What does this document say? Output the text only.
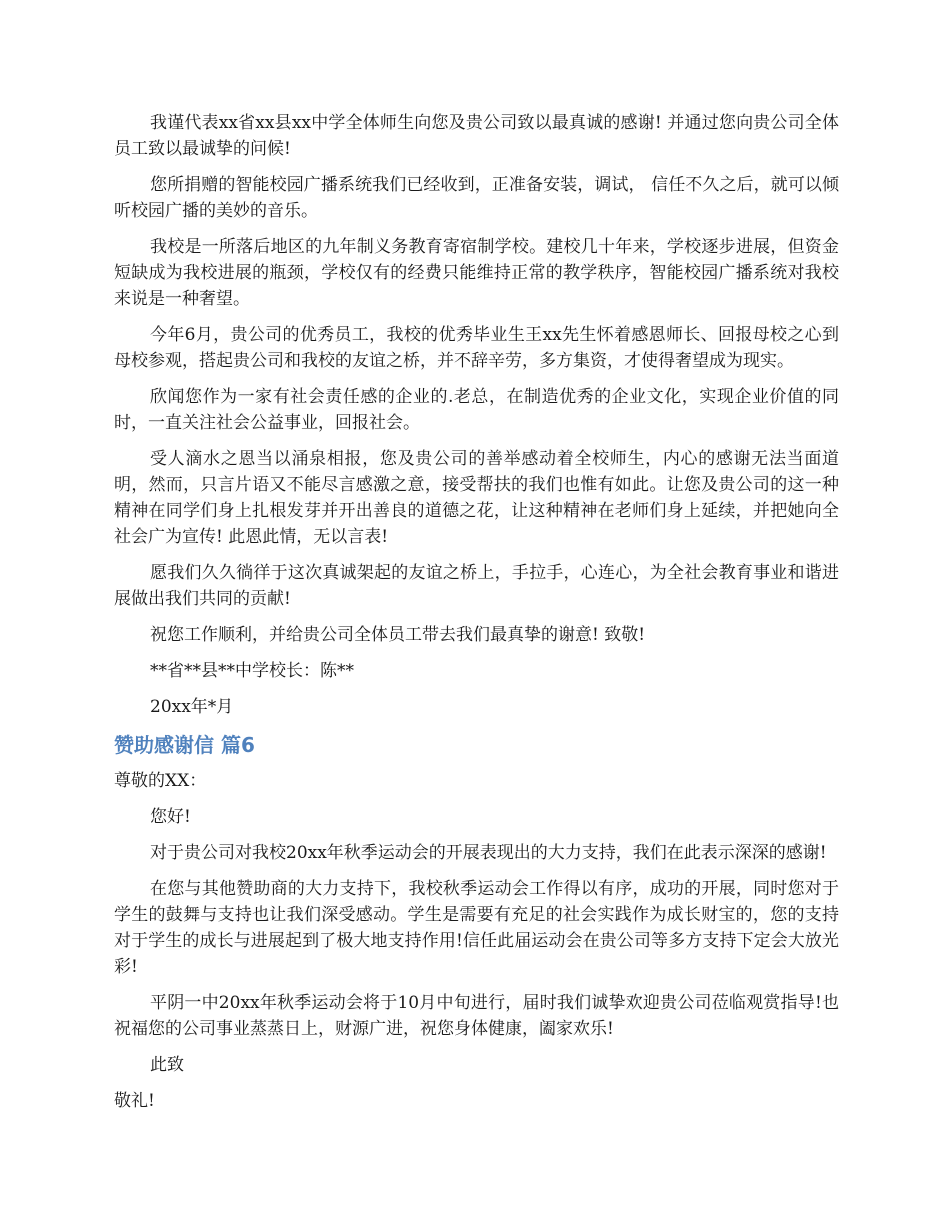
我谨代表xx省xx县xx中学全体师生向您及贵公司致以最真诚的感谢! 并通过您向贵公司全体员工致以最诚挚的问候!

您所捐赠的智能校园广播系统我们已经收到，正准备安装，调试， 信任不久之后，就可以倾听校园广播的美妙的音乐。

我校是一所落后地区的九年制义务教育寄宿制学校。建校几十年来，学校逐步进展，但资金短缺成为我校进展的瓶颈，学校仅有的经费只能维持正常的教学秩序，智能校园广播系统对我校来说是一种奢望。

今年6月，贵公司的优秀员工，我校的优秀毕业生王xx先生怀着感恩师长、回报母校之心到母校参观，搭起贵公司和我校的友谊之桥，并不辞辛劳，多方集资，才使得奢望成为现实。

欣闻您作为一家有社会责任感的企业的.老总，在制造优秀的企业文化，实现企业价值的同时，一直关注社会公益事业，回报社会。

受人滴水之恩当以涌泉相报，您及贵公司的善举感动着全校师生，内心的感谢无法当面道明，然而，只言片语又不能尽言感激之意，接受帮扶的我们也惟有如此。让您及贵公司的这一种精神在同学们身上扎根发芽并开出善良的道德之花，让这种精神在老师们身上延续，并把她向全社会广为宣传! 此恩此情，无以言表!

愿我们久久徜徉于这次真诚架起的友谊之桥上，手拉手，心连心，为全社会教育事业和谐进展做出我们共同的贡献!

祝您工作顺利，并给贵公司全体员工带去我们最真挚的谢意! 致敬!

**省**县**中学校长：陈**

20xx年*月

赞助感谢信 篇6

尊敬的XX：

您好!

对于贵公司对我校20xx年秋季运动会的开展表现出的大力支持，我们在此表示深深的感谢!

在您与其他赞助商的大力支持下，我校秋季运动会工作得以有序，成功的开展，同时您对于学生的鼓舞与支持也让我们深受感动。学生是需要有充足的社会实践作为成长财宝的，您的支持对于学生的成长与进展起到了极大地支持作用!信任此届运动会在贵公司等多方支持下定会大放光彩!

平阴一中20xx年秋季运动会将于10月中旬进行，届时我们诚挚欢迎贵公司莅临观赏指导!也祝福您的公司事业蒸蒸日上，财源广进，祝您身体健康，阖家欢乐!

此致

敬礼!
